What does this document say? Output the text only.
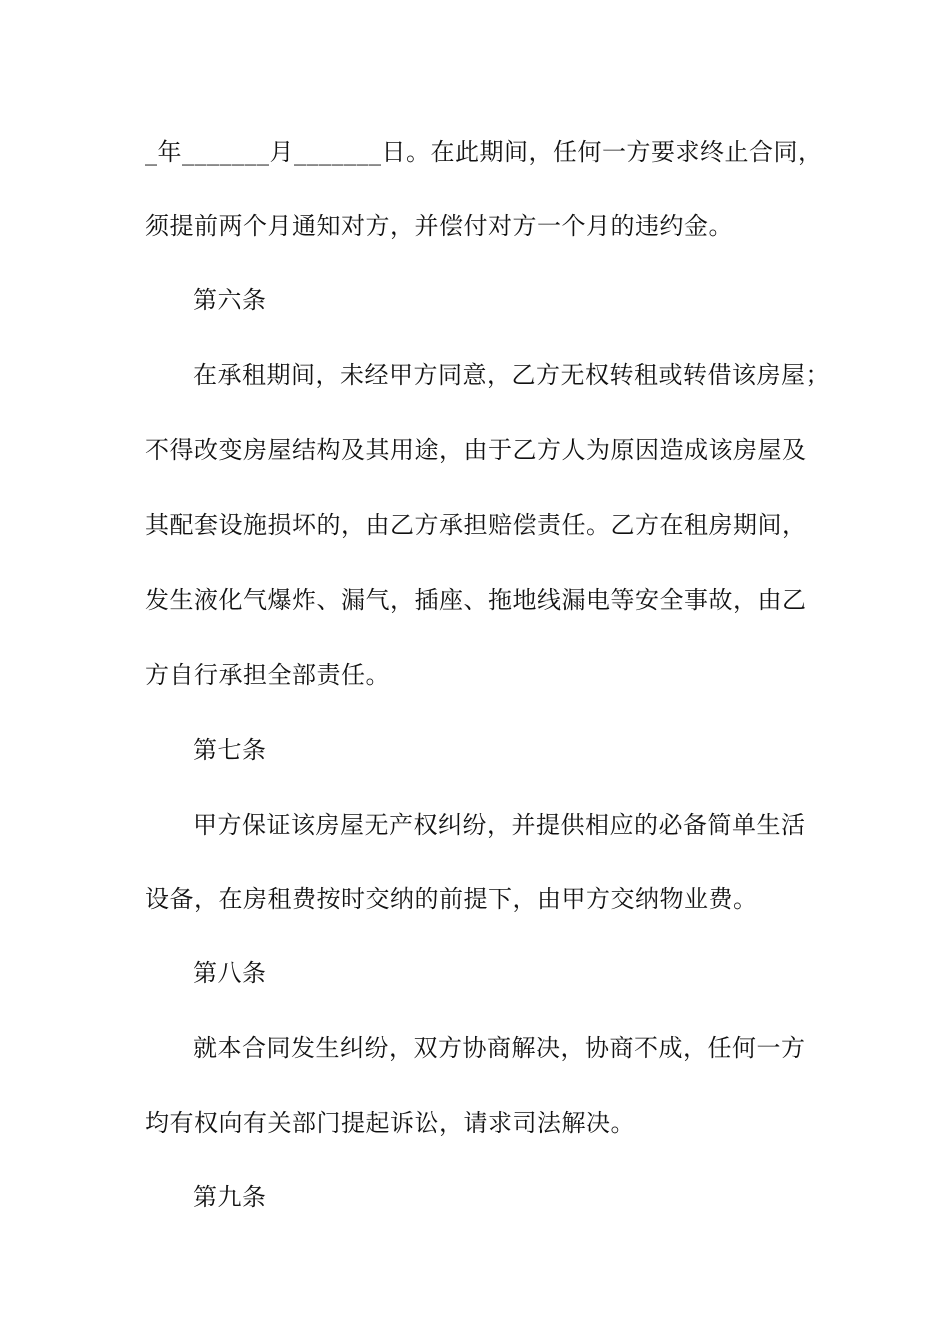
_年_______月_______日。在此期间，任何一方要求终止合同，
须提前两个月通知对方，并偿付对方一个月的违约金。
第六条
在承租期间，未经甲方同意，乙方无权转租或转借该房屋；
不得改变房屋结构及其用途，由于乙方人为原因造成该房屋及
其配套设施损坏的，由乙方承担赔偿责任。乙方在租房期间，
发生液化气爆炸、漏气，插座、拖地线漏电等安全事故，由乙
方自行承担全部责任。
第七条
甲方保证该房屋无产权纠纷，并提供相应的必备简单生活
设备，在房租费按时交纳的前提下，由甲方交纳物业费。
第八条
就本合同发生纠纷，双方协商解决，协商不成，任何一方
均有权向有关部门提起诉讼，请求司法解决。
第九条
